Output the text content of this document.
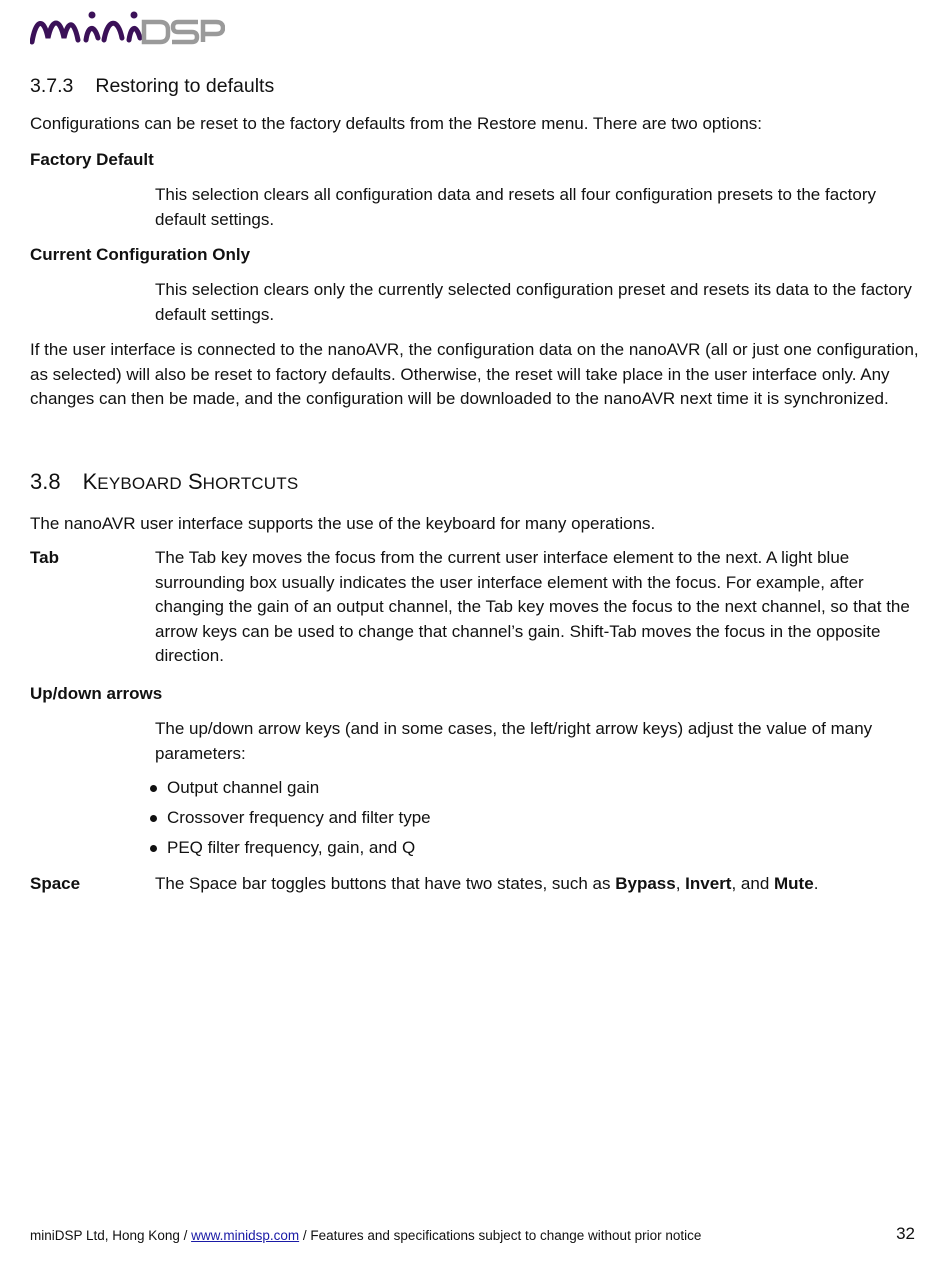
3.7.3 Restoring to defaults
Configurations can be reset to the factory defaults from the Restore menu. There are two options:
Factory Default
This selection clears all configuration data and resets all four configuration presets to the factory default settings.
Current Configuration Only
This selection clears only the currently selected configuration preset and resets its data to the factory default settings.
If the user interface is connected to the nanoAVR, the configuration data on the nanoAVR (all or just one configuration, as selected) will also be reset to factory defaults. Otherwise, the reset will take place in the user interface only. Any changes can then be made, and the configuration will be downloaded to the nanoAVR next time it is synchronized.
3.8 KEYBOARD SHORTCUTS
The nanoAVR user interface supports the use of the keyboard for many operations.
Tab	The Tab key moves the focus from the current user interface element to the next. A light blue surrounding box usually indicates the user interface element with the focus. For example, after changing the gain of an output channel, the Tab key moves the focus to the next channel, so that the arrow keys can be used to change that channel’s gain. Shift-Tab moves the focus in the opposite direction.
Up/down arrows
The up/down arrow keys (and in some cases, the left/right arrow keys) adjust the value of many parameters:
Output channel gain
Crossover frequency and filter type
PEQ filter frequency, gain, and Q
Space	The Space bar toggles buttons that have two states, such as Bypass, Invert, and Mute.
miniDSP Ltd, Hong Kong / www.minidsp.com / Features and specifications subject to change without prior notice	32
